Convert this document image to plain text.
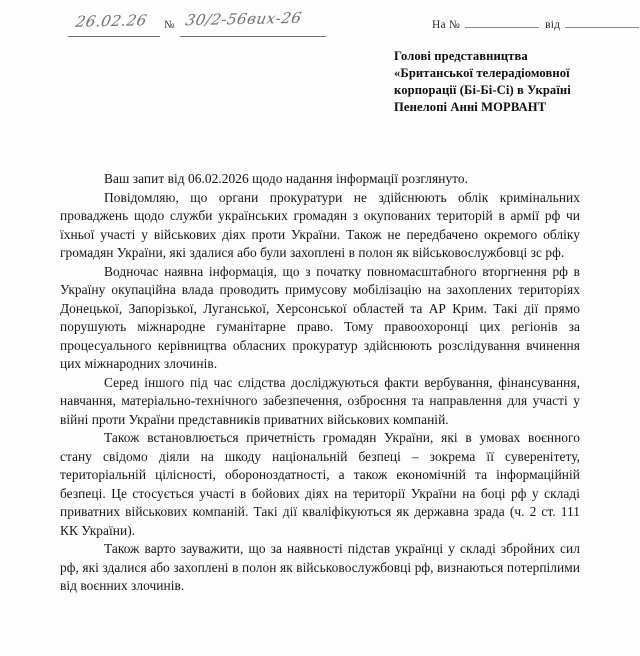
26.02.26 № 30/2-56вих-26	На №	від
Голові представництва
«Британської телерадіомовної
корпорації (Бі-Бі-Сі) в Україні
Пенелопі Анні МОРВАНТ

Ваш запит від 06.02.2026 щодо надання інформації розглянуто.

Повідомляю, що органи прокуратури не здійснюють облік кримінальних проваджень щодо служби українських громадян з окупованих територій в армії рф чи їхньої участі у військових діях проти України. Також не передбачено окремого обліку громадян України, які здалися або були захоплені в полон як військовослужбовці зс рф.

Водночас наявна інформація, що з початку повномасштабного вторгнення рф в Україну окупаційна влада проводить примусову мобілізацію на захоплених територіях Донецької, Запорізької, Луганської, Херсонської областей та АР Крим. Такі дії прямо порушують міжнародне гуманітарне право. Тому правоохоронці цих регіонів за процесуального керівництва обласних прокуратур здійснюють розслідування вчинення цих міжнародних злочинів.

Серед іншого під час слідства досліджуються факти вербування, фінансування, навчання, матеріально-технічного забезпечення, озброєння та направлення для участі у війні проти України представників приватних військових компаній.

Також встановлюється причетність громадян України, які в умовах воєнного стану свідомо діяли на шкоду національній безпеці – зокрема її суверенітету, територіальній цілісності, обороноздатності, а також економічній та інформаційній безпеці. Це стосується участі в бойових діях на території України на боці рф у складі приватних військових компаній. Такі дії кваліфікуються як державна зрада (ч. 2 ст. 111 КК України).

Також варто зауважити, що за наявності підстав українці у складі збройних сил рф, які здалися або захоплені в полон як військовослужбовці рф, визнаються потерпілими від воєнних злочинів.
